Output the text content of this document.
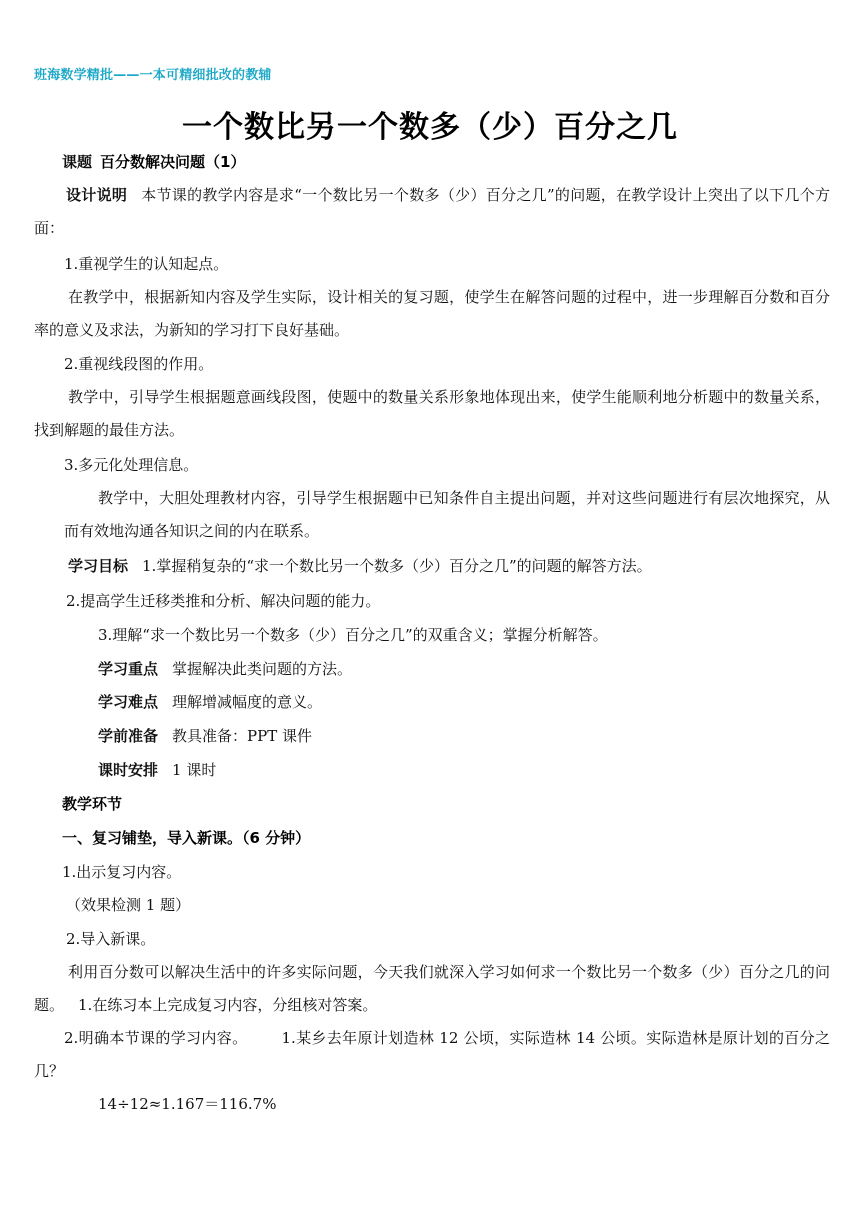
班海数学精批——一本可精细批改的教辅
一个数比另一个数多（少）百分之几
课题 百分数解决问题（1）
设计说明 本节课的教学内容是求“一个数比另一个数多（少）百分之几”的问题，在教学设计上突出了以下几个方面：
1.重视学生的认知起点。
在教学中，根据新知内容及学生实际，设计相关的复习题，使学生在解答问题的过程中，进一步理解百分数和百分率的意义及求法，为新知的学习打下良好基础。
2.重视线段图的作用。
教学中，引导学生根据题意画线段图，使题中的数量关系形象地体现出来，使学生能顺利地分析题中的数量关系，找到解题的最佳方法。
3.多元化处理信息。
教学中，大胆处理教材内容，引导学生根据题中已知条件自主提出问题，并对这些问题进行有层次地探究，从而有效地沟通各知识之间的内在联系。
学习目标 1.掌握稍复杂的“求一个数比另一个数多（少）百分之几”的问题的解答方法。
2.提高学生迁移类推和分析、解决问题的能力。
3.理解“求一个数比另一个数多（少）百分之几”的双重含义；掌握分析解答。
学习重点 掌握解决此类问题的方法。
学习难点 理解增减幅度的意义。
学前准备 教具准备：PPT 课件
课时安排 1 课时
教学环节
一、复习铺垫，导入新课。（6 分钟）
1.出示复习内容。
（效果检测 1 题）
2.导入新课。
利用百分数可以解决生活中的许多实际问题，今天我们就深入学习如何求一个数比另一个数多（少）百分之几的问题。 1.在练习本上完成复习内容，分组核对答案。
2.明确本节课的学习内容。 1.某乡去年原计划造林 12 公顷，实际造林 14 公顷。实际造林是原计划的百分之几？
14÷12≈1.167＝116.7%
